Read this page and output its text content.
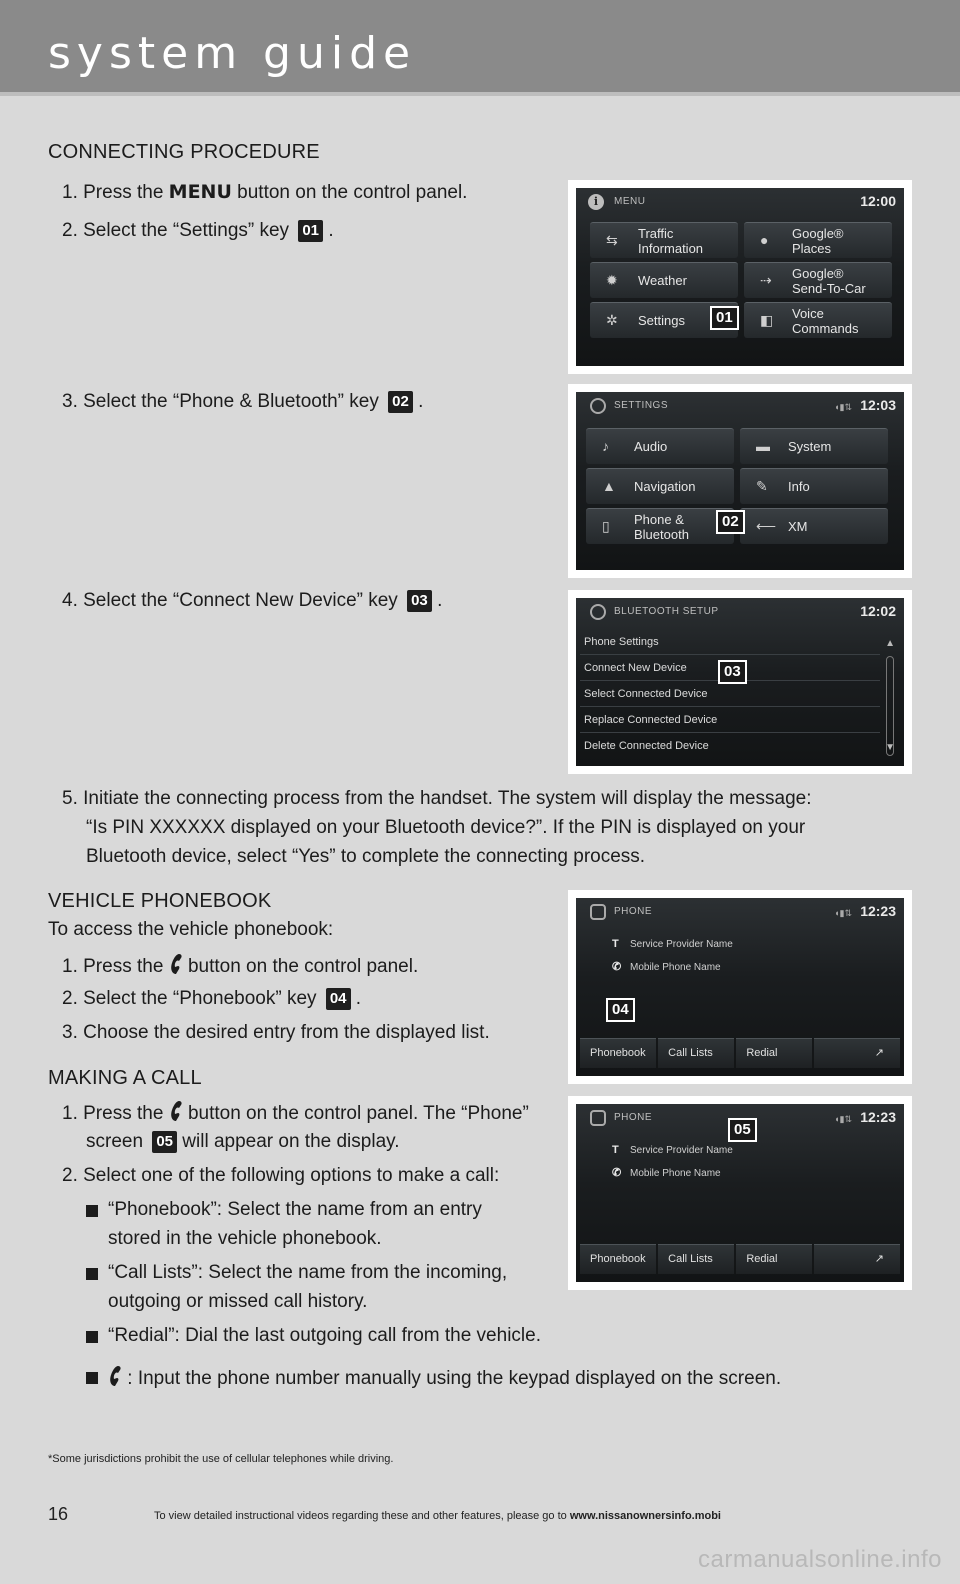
system guide
CONNECTING PROCEDURE
1. Press the MENU button on the control panel.
2. Select the “Settings” key 01 .
3. Select the “Phone & Bluetooth” key 02 .
4. Select the “Connect New Device” key 03 .
5. Initiate the connecting process from the handset. The system will display the message:
“Is PIN XXXXXX displayed on your Bluetooth device?”. If the PIN is displayed on your
Bluetooth device, select “Yes” to complete the connecting process.
VEHICLE PHONEBOOK
To access the vehicle phonebook:
1. Press the  button on the control panel.
2. Select the “Phonebook” key 04 .
3. Choose the desired entry from the displayed list.
MAKING A CALL
1. Press the  button on the control panel. The “Phone”
screen 05 will appear on the display.
2. Select one of the following options to make a call:
“Phonebook”: Select the name from an entry
stored in the vehicle phonebook.
“Call Lists”: Select the name from the incoming,
outgoing or missed call history.
“Redial”: Dial the last outgoing call from the vehicle.
: Input the phone number manually using the keypad displayed on the screen.
i	MENU	12:00
⇆ Traffic
Information
● Google®
Places
✹ Weather	⇢ Google®
Send-To-Car
✲ Settings	◧ Voice
Commands
01
SETTINGS	◖▮⇅ 12:03
♪ Audio	▬ System
▲ Navigation	✎ Info
▯ Phone &
Bluetooth
⟵ XM
02
BLUETOOTH SETUP	12:02
Phone Settings
Connect New Device
Select Connected Device
Replace Connected Device
Delete Connected Device
▲
▼
03
PHONE	◖▮⇅ 12:23
T Service Provider Name
✆ Mobile Phone Name
Phonebook	Call Lists	Redial	↗
04
PHONE	◖▮⇅ 12:23
T Service Provider Name
✆ Mobile Phone Name
Phonebook	Call Lists	Redial	↗
05
*Some jurisdictions prohibit the use of cellular telephones while driving.
16	To view detailed instructional videos regarding these and other features, please go to www.nissanownersinfo.mobi
carmanualsonline.info
